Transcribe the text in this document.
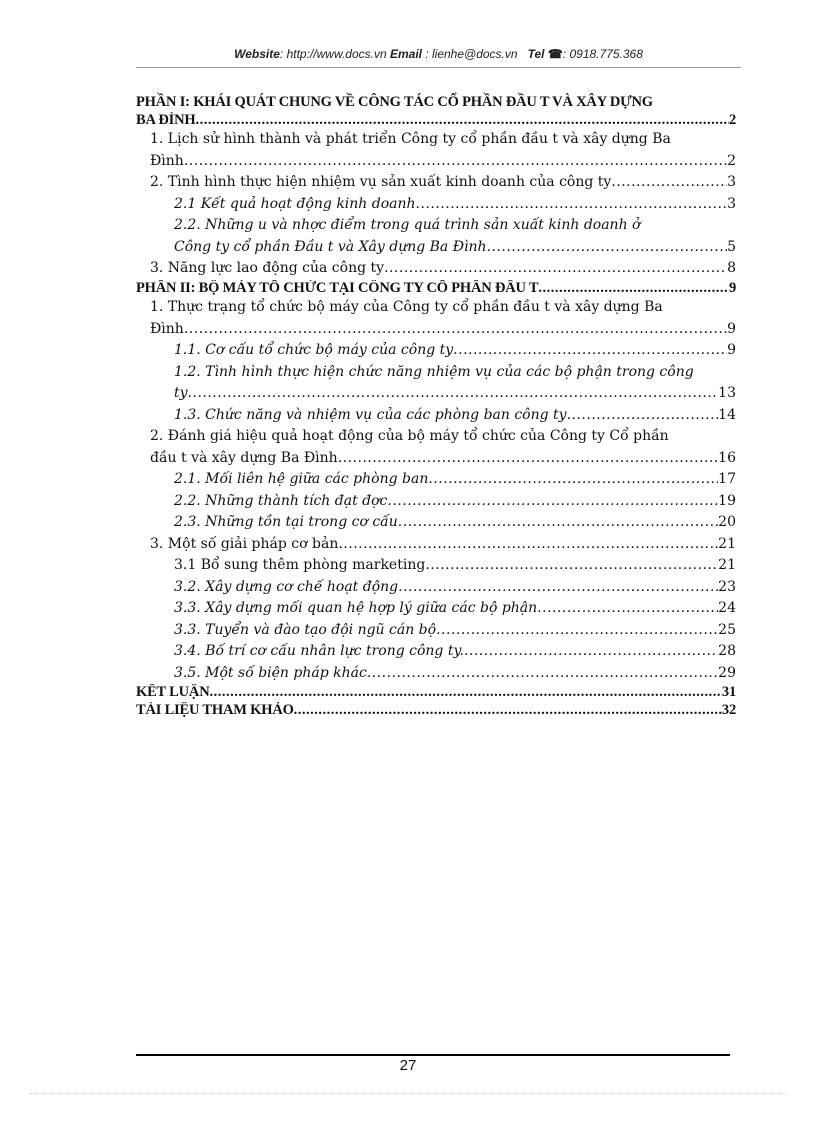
Website: http://www.docs.vn Email : lienhe@docs.vn Tel ☎: 0918.775.368
PHẦN I: KHÁI QUÁT CHUNG VỀ CÔNG TÁC CỔ PHẦN ĐẦU T VÀ XÂY DỰNG
BA ĐÌNH .....	2
1. Lịch sử hình thành và phát triển Công ty cổ phần đầu t và xây dựng Ba
Đình .....	2
2. Tình hình thực hiện nhiệm vụ sản xuất kinh doanh của công ty .....	3
2.1 Kết quả hoạt động kinh doanh .....	3
2.2. Những u và nhợc điểm trong quá trình sản xuất kinh doanh ở
Công ty cổ phần Đầu t và Xây dựng Ba Đình .....	5
3. Năng lực lao động của công ty .....	8
PHẦN II: BỘ MÁY TỔ CHỨC TẠI CÔNG TY CỔ PHẦN ĐẦU T .....	9
1. Thực trạng tổ chức bộ máy của Công ty cổ phần đầu t và xây dựng Ba
Đình .....	9
1.1. Cơ cấu tổ chức bộ máy của công ty .....	9
1.2. Tình hình thực hiện chức năng nhiệm vụ của các bộ phận trong công
ty .....	13
1.3. Chức năng và nhiệm vụ của các phòng ban công ty .....	14
2. Đánh giá hiệu quả hoạt động của bộ máy tổ chức của Công ty Cổ phần
đầu t và xây dựng Ba Đình .....	16
2.1. Mối liên hệ giữa các phòng ban .....	17
2.2. Những thành tích đạt đợc .....	19
2.3. Những tồn tại trong cơ cấu .....	20
3. Một số giải pháp cơ bản .....	21
3.1 Bổ sung thêm phòng marketing .....	21
3.2. Xây dựng cơ chế hoạt động .....	23
3.3. Xây dựng mối quan hệ hợp lý giữa các bộ phận .....	24
3.3. Tuyển và đào tạo đội ngũ cán bộ .....	25
3.4. Bố trí cơ cấu nhân lực trong công ty. .....	28
3.5. Một số biện pháp khác .....	29
KẾT LUẬN .....	31
TÀI LIỆU THAM KHẢO .....	32
27
